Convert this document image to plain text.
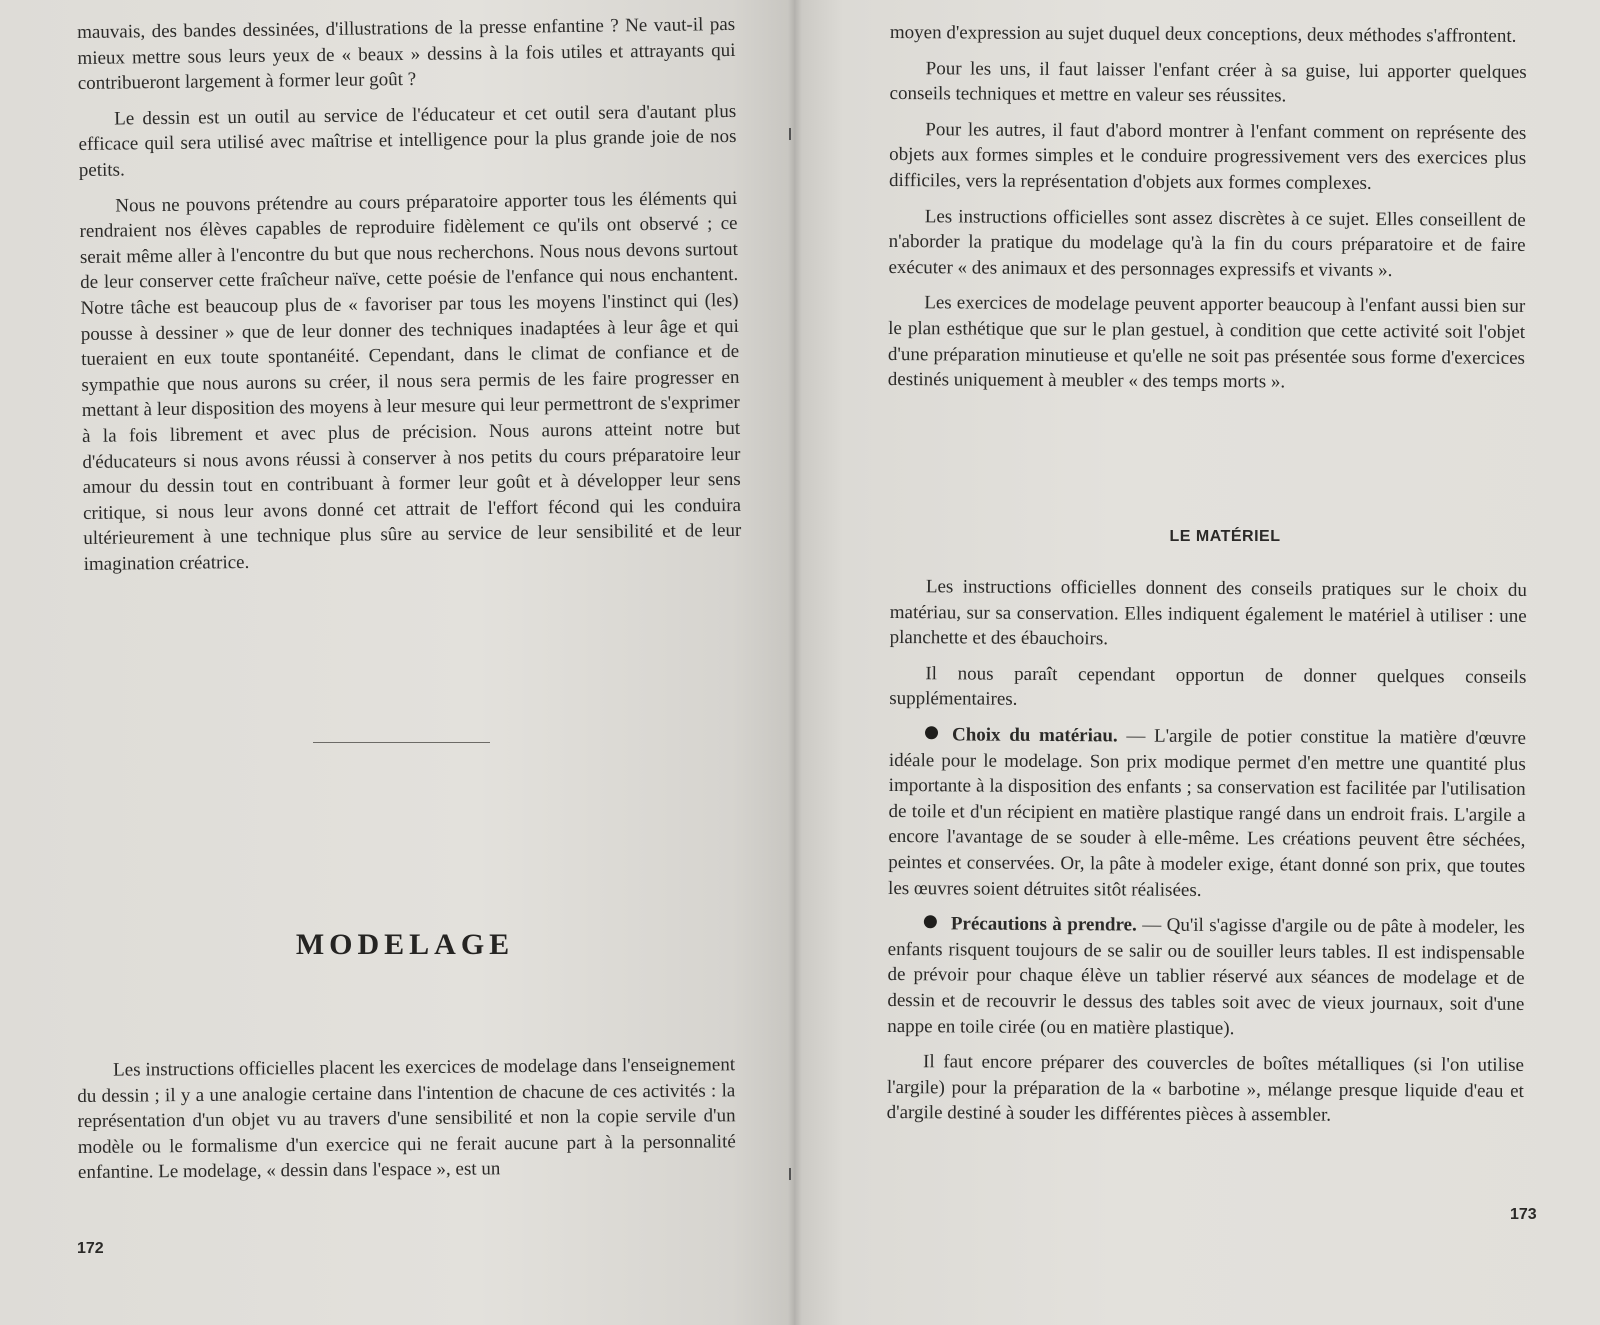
mauvais, des bandes dessinées, d'illustrations de la presse enfantine ? Ne vaut-il pas mieux mettre sous leurs yeux de « beaux » dessins à la fois utiles et attrayants qui contribueront largement à former leur goût ?

Le dessin est un outil au service de l'éducateur et cet outil sera d'autant plus efficace quil sera utilisé avec maîtrise et intelligence pour la plus grande joie de nos petits.

Nous ne pouvons prétendre au cours préparatoire apporter tous les éléments qui rendraient nos élèves capables de reproduire fidèlement ce qu'ils ont observé ; ce serait même aller à l'encontre du but que nous recherchons. Nous nous devons surtout de leur conserver cette fraîcheur naïve, cette poésie de l'enfance qui nous enchantent. Notre tâche est beaucoup plus de « favoriser par tous les moyens l'instinct qui (les) pousse à dessiner » que de leur donner des techniques inadaptées à leur âge et qui tueraient en eux toute spontanéité. Cependant, dans le climat de confiance et de sympathie que nous aurons su créer, il nous sera permis de les faire progresser en mettant à leur disposition des moyens à leur mesure qui leur permettront de s'exprimer à la fois librement et avec plus de précision. Nous aurons atteint notre but d'éducateurs si nous avons réussi à conserver à nos petits du cours préparatoire leur amour du dessin tout en contribuant à former leur goût et à développer leur sens critique, si nous leur avons donné cet attrait de l'effort fécond qui les conduira ultérieurement à une technique plus sûre au service de leur sensibilité et de leur imagination créatrice.

MODELAGE

Les instructions officielles placent les exercices de modelage dans l'enseignement du dessin ; il y a une analogie certaine dans l'intention de chacune de ces activités : la représentation d'un objet vu au travers d'une sensibilité et non la copie servile d'un modèle ou le formalisme d'un exercice qui ne ferait aucune part à la personnalité enfantine. Le modelage, « dessin dans l'espace », est un

172

moyen d'expression au sujet duquel deux conceptions, deux méthodes s'affrontent.

Pour les uns, il faut laisser l'enfant créer à sa guise, lui apporter quelques conseils techniques et mettre en valeur ses réussites.

Pour les autres, il faut d'abord montrer à l'enfant comment on représente des objets aux formes simples et le conduire progressivement vers des exercices plus difficiles, vers la représentation d'objets aux formes complexes.

Les instructions officielles sont assez discrètes à ce sujet. Elles conseillent de n'aborder la pratique du modelage qu'à la fin du cours préparatoire et de faire exécuter « des animaux et des personnages expressifs et vivants ».

Les exercices de modelage peuvent apporter beaucoup à l'enfant aussi bien sur le plan esthétique que sur le plan gestuel, à condition que cette activité soit l'objet d'une préparation minutieuse et qu'elle ne soit pas présentée sous forme d'exercices destinés uniquement à meubler « des temps morts ».

LE MATÉRIEL

Les instructions officielles donnent des conseils pratiques sur le choix du matériau, sur sa conservation. Elles indiquent également le matériel à utiliser : une planchette et des ébauchoirs.

Il nous paraît cependant opportun de donner quelques conseils supplémentaires.

Choix du matériau. — L'argile de potier constitue la matière d'œuvre idéale pour le modelage. Son prix modique permet d'en mettre une quantité plus importante à la disposition des enfants ; sa conservation est facilitée par l'utilisation de toile et d'un récipient en matière plastique rangé dans un endroit frais. L'argile a encore l'avantage de se souder à elle-même. Les créations peuvent être séchées, peintes et conservées. Or, la pâte à modeler exige, étant donné son prix, que toutes les œuvres soient détruites sitôt réalisées.

Précautions à prendre. — Qu'il s'agisse d'argile ou de pâte à modeler, les enfants risquent toujours de se salir ou de souiller leurs tables. Il est indispensable de prévoir pour chaque élève un tablier réservé aux séances de modelage et de dessin et de recouvrir le dessus des tables soit avec de vieux journaux, soit d'une nappe en toile cirée (ou en matière plastique).

Il faut encore préparer des couvercles de boîtes métalliques (si l'on utilise l'argile) pour la préparation de la « barbotine », mélange presque liquide d'eau et d'argile destiné à souder les différentes pièces à assembler.

173
